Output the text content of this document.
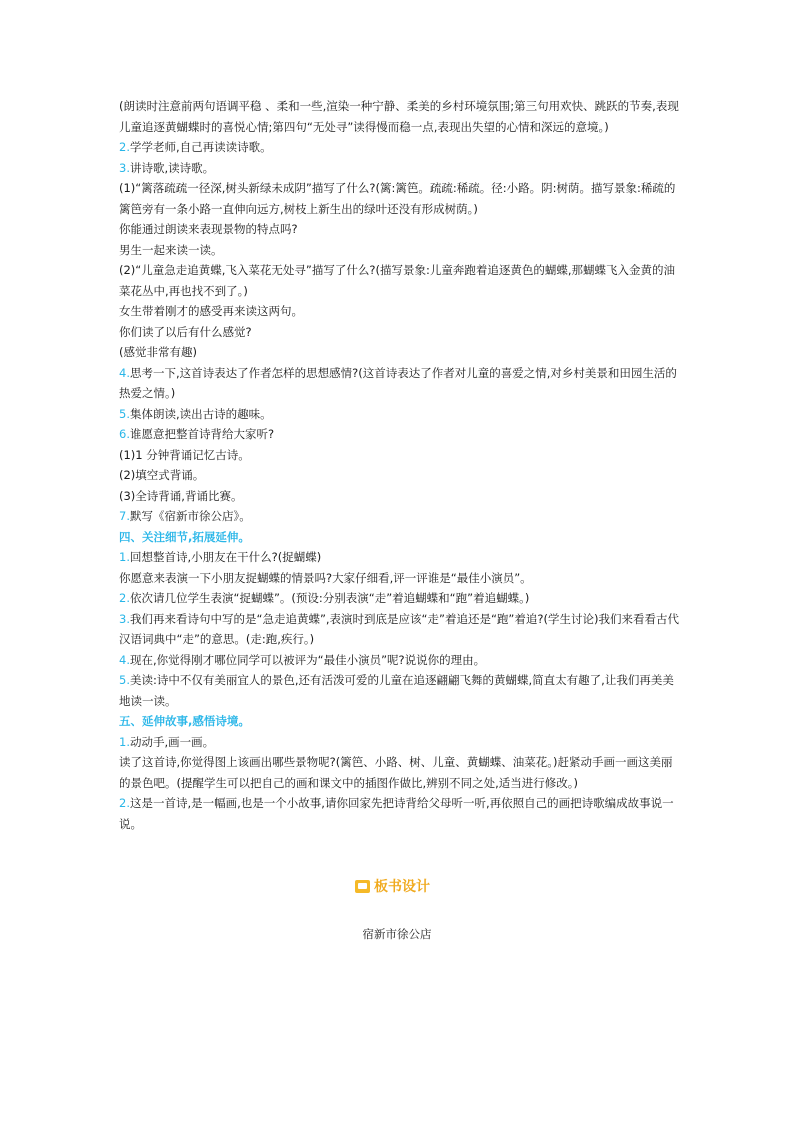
(朗读时注意前两句语调平稳 、柔和一些,渲染一种宁静、柔美的乡村环境氛围;第三句用欢快、跳跃的节奏,表现儿童追逐黄蝴蝶时的喜悦心情;第四句“无处寻”读得慢而稳一点,表现出失望的心情和深远的意境。)

2.学学老师,自己再读读诗歌。

3.讲诗歌,读诗歌。

(1)“篱落疏疏一径深,树头新绿未成阴”描写了什么?(篱:篱笆。疏疏:稀疏。径:小路。阴:树荫。描写景象:稀疏的篱笆旁有一条小路一直伸向远方,树枝上新生出的绿叶还没有形成树荫。)

你能通过朗读来表现景物的特点吗?

男生一起来读一读。

(2)“儿童急走追黄蝶,飞入菜花无处寻”描写了什么?(描写景象:儿童奔跑着追逐黄色的蝴蝶,那蝴蝶飞入金黄的油菜花丛中,再也找不到了。)

女生带着刚才的感受再来读这两句。

你们读了以后有什么感觉?

(感觉非常有趣)

4.思考一下,这首诗表达了作者怎样的思想感情?(这首诗表达了作者对儿童的喜爱之情,对乡村美景和田园生活的热爱之情。)

5.集体朗读,读出古诗的趣味。

6.谁愿意把整首诗背给大家听?

(1)1 分钟背诵记忆古诗。

(2)填空式背诵。

(3)全诗背诵,背诵比赛。

7.默写《宿新市徐公店》。

四、关注细节,拓展延伸。

1.回想整首诗,小朋友在干什么?(捉蝴蝶)

你愿意来表演一下小朋友捉蝴蝶的情景吗?大家仔细看,评一评谁是“最佳小演员”。

2.依次请几位学生表演“捉蝴蝶”。(预设:分别表演“走”着追蝴蝶和“跑”着追蝴蝶。)

3.我们再来看诗句中写的是“急走追黄蝶”,表演时到底是应该“走”着追还是“跑”着追?(学生讨论)我们来看看古代汉语词典中“走”的意思。(走:跑,疾行。)

4.现在,你觉得刚才哪位同学可以被评为“最佳小演员”呢?说说你的理由。

5.美读:诗中不仅有美丽宜人的景色,还有活泼可爱的儿童在追逐翩翩飞舞的黄蝴蝶,简直太有趣了,让我们再美美地读一读。

五、延伸故事,感悟诗境。

1.动动手,画一画。

读了这首诗,你觉得图上该画出哪些景物呢?(篱笆、小路、树、儿童、黄蝴蝶、油菜花。)赶紧动手画一画这美丽的景色吧。(提醒学生可以把自己的画和课文中的插图作做比,辨别不同之处,适当进行修改。)

2.这是一首诗,是一幅画,也是一个小故事,请你回家先把诗背给父母听一听,再依照自己的画把诗歌编成故事说一说。

板书设计
宿新市徐公店
